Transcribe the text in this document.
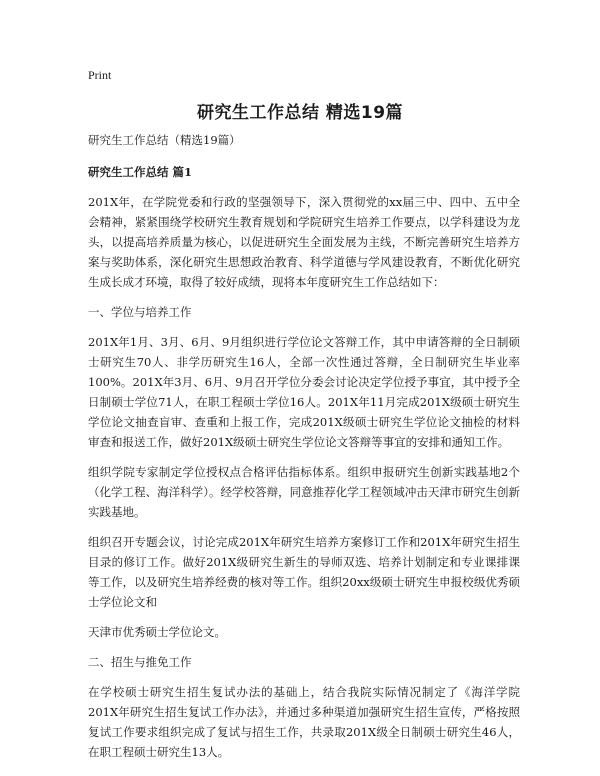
Print
研究生工作总结 精选19篇

研究生工作总结（精选19篇）

研究生工作总结 篇1

201X年，在学院党委和行政的坚强领导下，深入贯彻党的xx届三中、四中、五中全会精神，紧紧围绕学校研究生教育规划和学院研究生培养工作要点，以学科建设为龙头，以提高培养质量为核心，以促进研究生全面发展为主线，不断完善研究生培养方案与奖助体系，深化研究生思想政治教育、科学道德与学风建设教育，不断优化研究生成长成才环境，取得了较好成绩，现将本年度研究生工作总结如下：

一、学位与培养工作

201X年1月、3月、6月、9月组织进行学位论文答辩工作，其中申请答辩的全日制硕士研究生70人、非学历研究生16人，全部一次性通过答辩，全日制研究生毕业率100%。201X年3月、6月、9月召开学位分委会讨论决定学位授予事宜，其中授予全日制硕士学位71人，在职工程硕士学位16人。201X年11月完成201X级硕士研究生学位论文抽查盲审、查重和上报工作，完成201X级硕士研究生学位论文抽检的材料审查和报送工作，做好201X级硕士研究生学位论文答辩等事宜的安排和通知工作。

组织学院专家制定学位授权点合格评估指标体系。组织申报研究生创新实践基地2个（化学工程、海洋科学）。经学校答辩，同意推荐化学工程领域冲击天津市研究生创新实践基地。

组织召开专题会议，讨论完成201X年研究生培养方案修订工作和201X年研究生招生目录的修订工作。做好201X级研究生新生的导师双选、培养计划制定和专业课排课等工作，以及研究生培养经费的核对等工作。组织20xx级硕士研究生申报校级优秀硕士学位论文和

天津市优秀硕士学位论文。

二、招生与推免工作

在学校硕士研究生招生复试办法的基础上，结合我院实际情况制定了《海洋学院201X年研究生招生复试工作办法》，并通过多种渠道加强研究生招生宣传，严格按照复试工作要求组织完成了复试与招生工作，共录取201X级全日制硕士研究生46人，在职工程硕士研究生13人。
